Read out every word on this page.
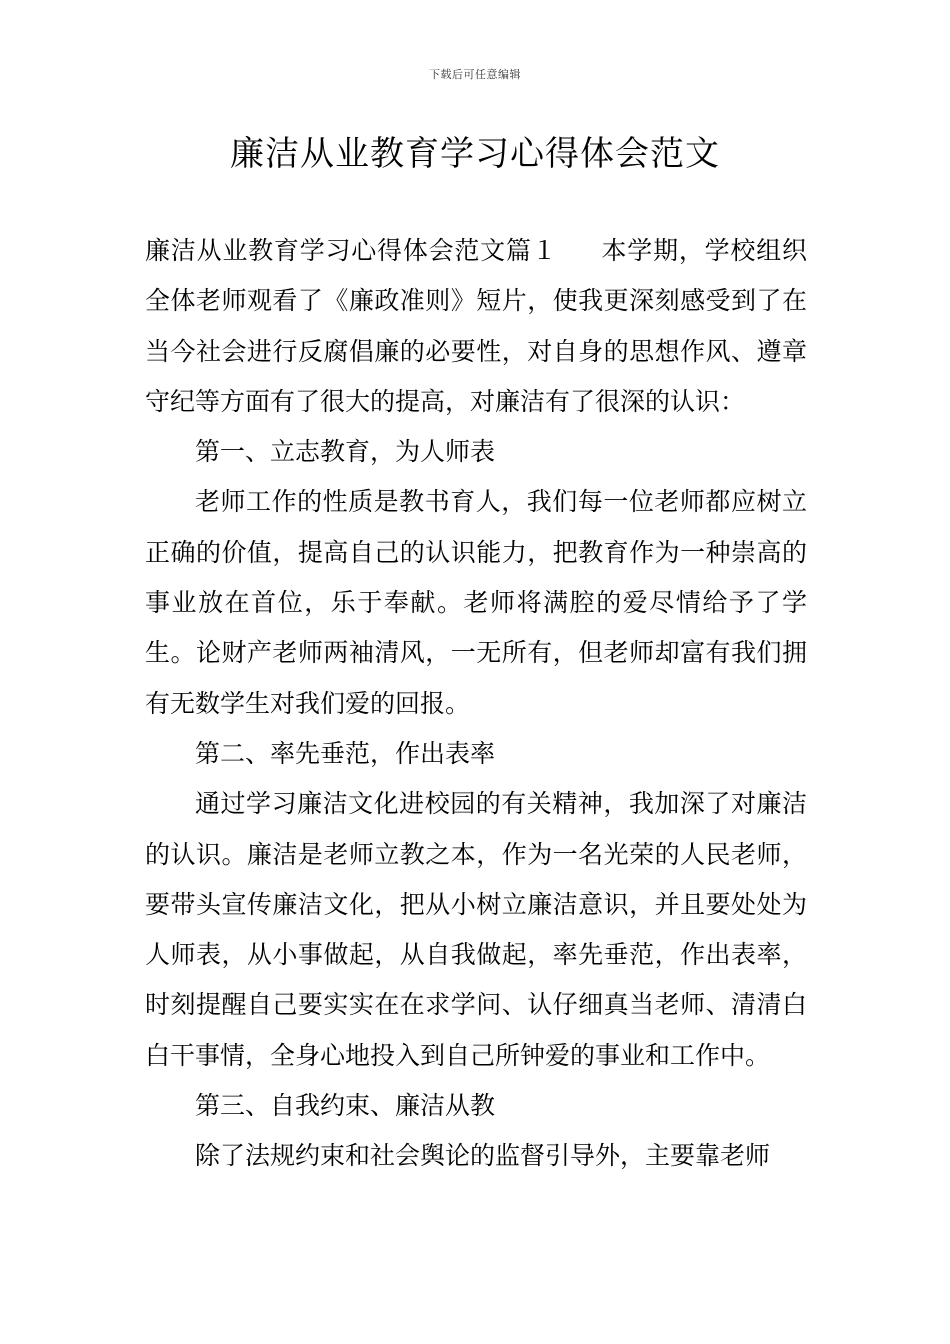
下载后可任意编辑
廉洁从业教育学习心得体会范文

廉洁从业教育学习心得体会范文篇１ 本学期，学校组织全体老师观看了《廉政准则》短片，使我更深刻感受到了在当今社会进行反腐倡廉的必要性，对自身的思想作风、遵章守纪等方面有了很大的提高，对廉洁有了很深的认识：

第一、立志教育，为人师表

老师工作的性质是教书育人，我们每一位老师都应树立正确的价值，提高自己的认识能力，把教育作为一种崇高的事业放在首位，乐于奉献。老师将满腔的爱尽情给予了学生。论财产老师两袖清风，一无所有，但老师却富有我们拥有无数学生对我们爱的回报。

第二、率先垂范，作出表率

通过学习廉洁文化进校园的有关精神，我加深了对廉洁的认识。廉洁是老师立教之本，作为一名光荣的人民老师，要带头宣传廉洁文化，把从小树立廉洁意识，并且要处处为人师表，从小事做起，从自我做起，率先垂范，作出表率，时刻提醒自己要实实在在求学问、认仔细真当老师、清清白白干事情，全身心地投入到自己所钟爱的事业和工作中。

第三、自我约束、廉洁从教

除了法规约束和社会舆论的监督引导外，主要靠老师
